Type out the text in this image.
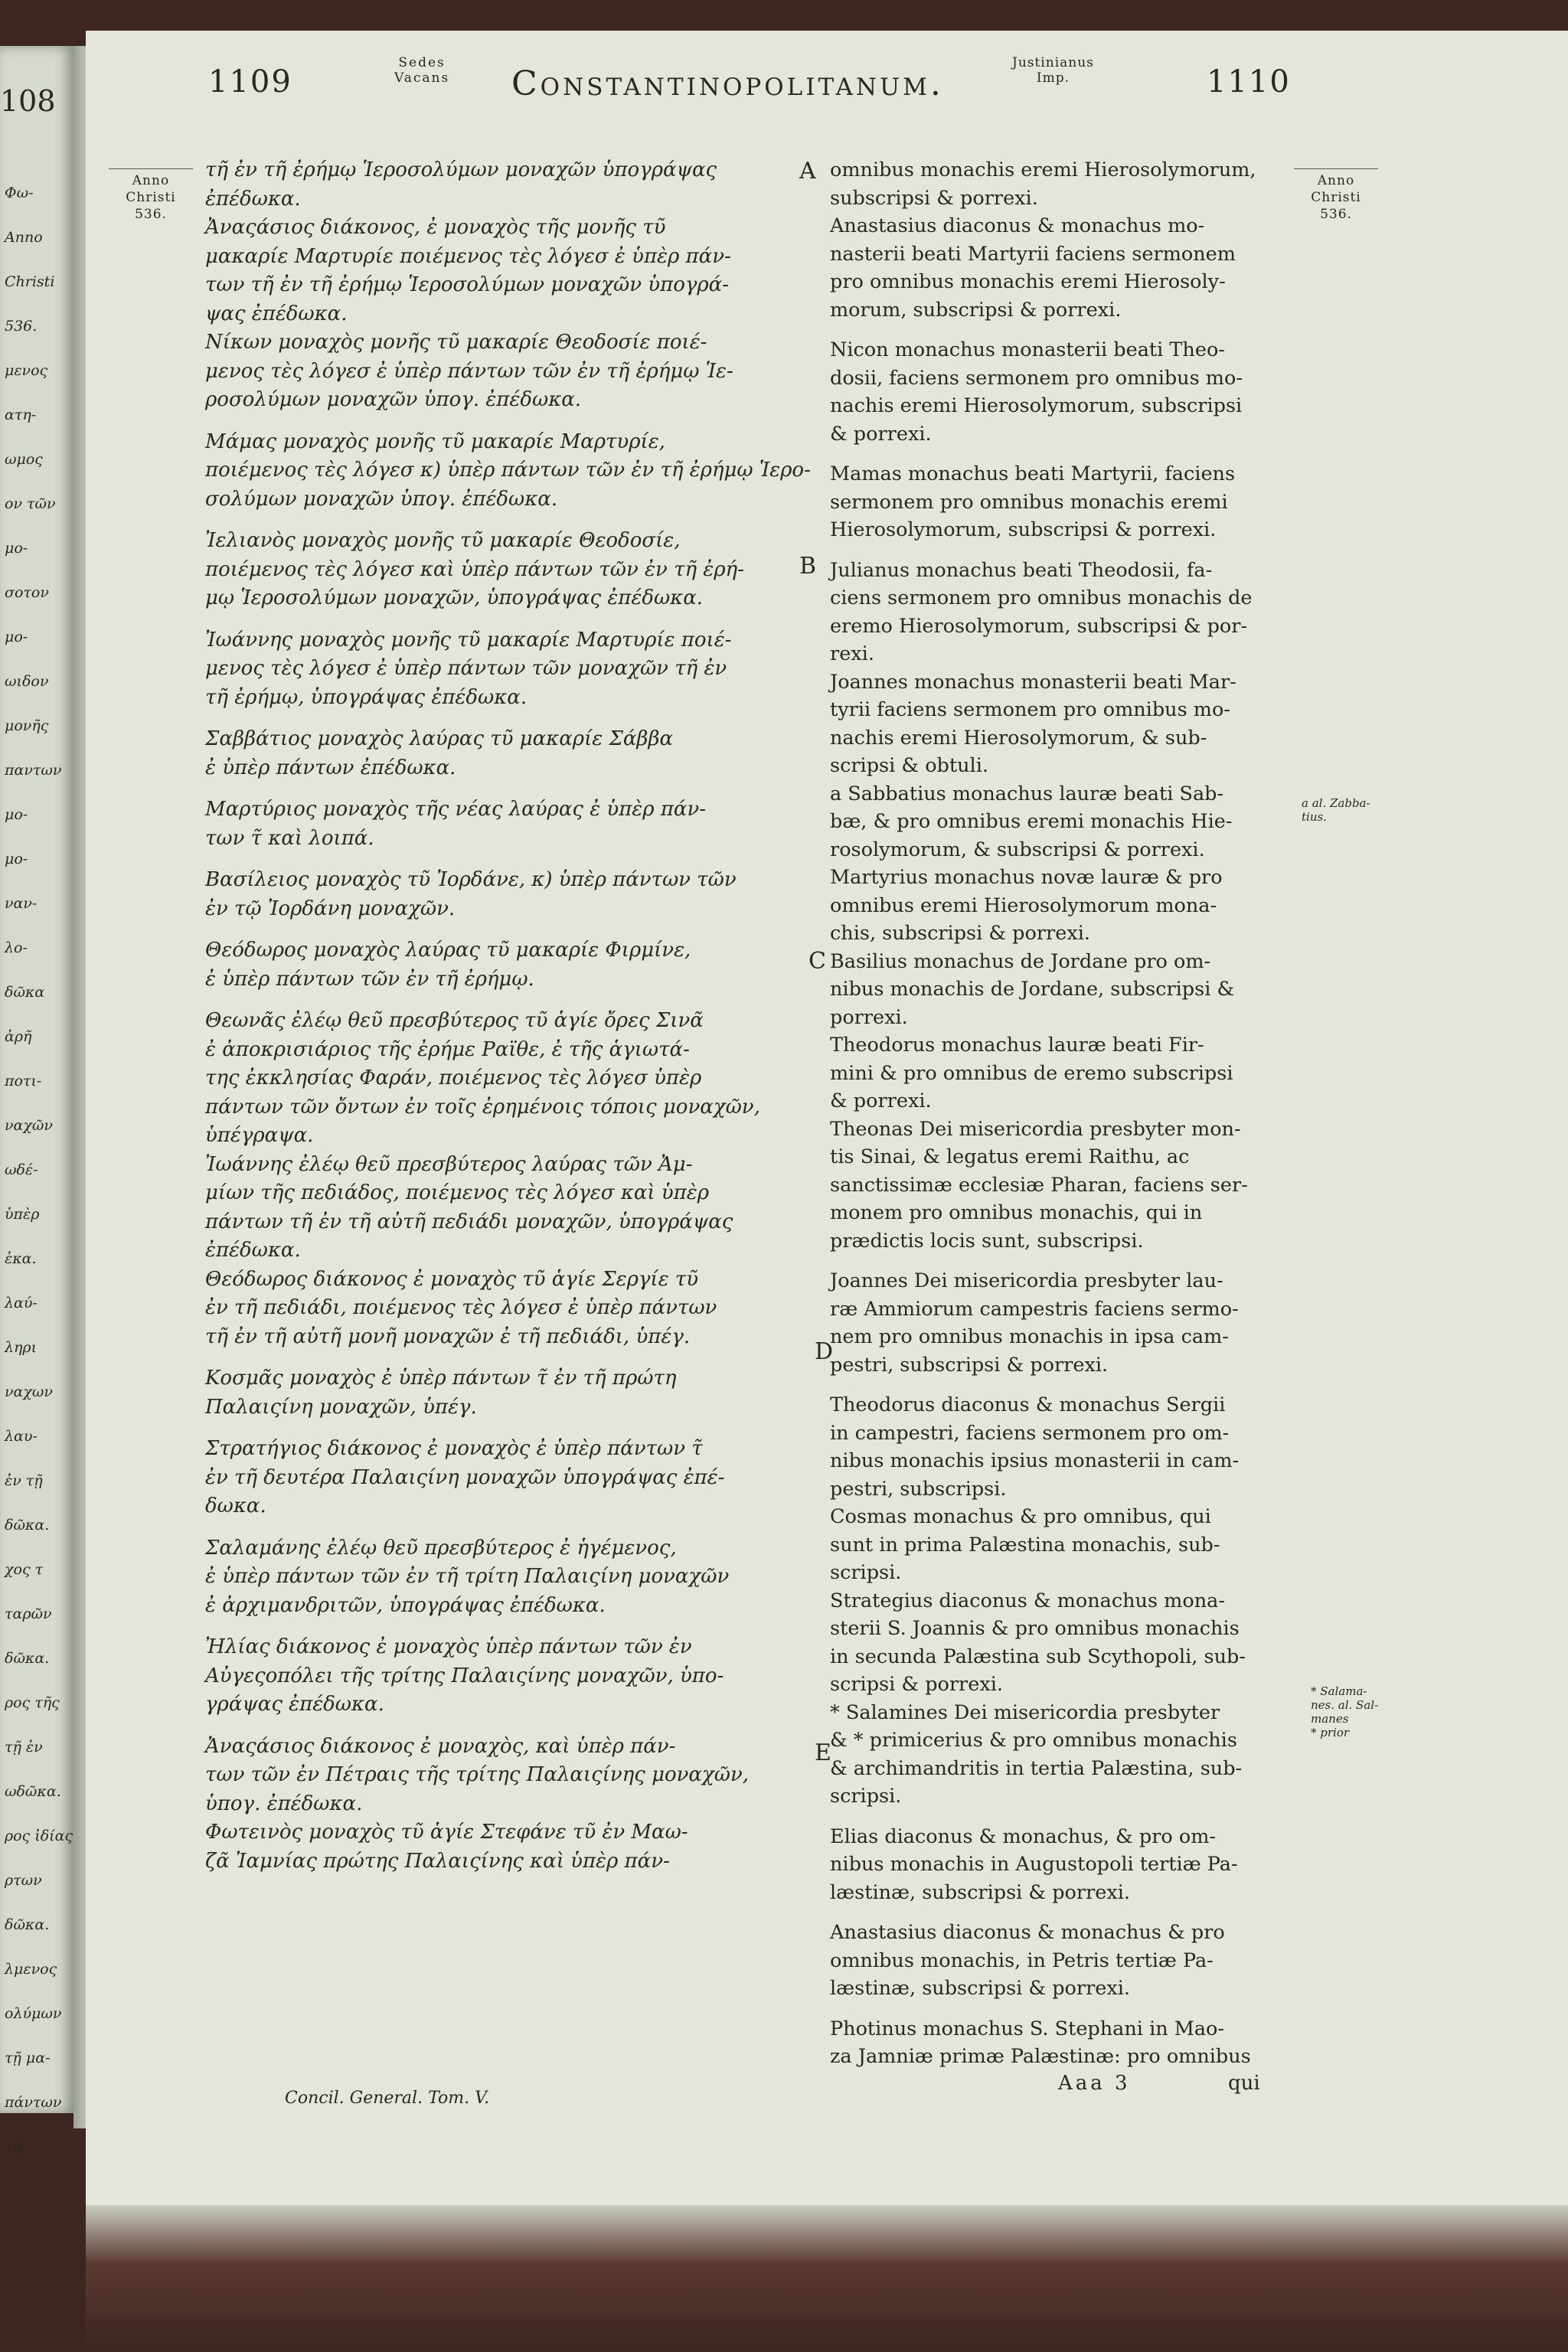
108
Φω-
Anno
Christi
536.
μενος
ατη-
ωμος
ον τῶν
μο-
σοτον
μο-
ωιδον
μονῆς
παντων
μο-
μο-
ναν-
λο-
δῶκα
ἀρῆ
ποτι-
ναχῶν
ωδέ-
ὑπὲρ
ἐκα.
λαύ-
ληρι
ναχων
λαυ-
ἐν τῇ
δῶκα.
χος τ
ταρῶν
δῶκα.
ρος τῆς
τῇ ἐν
ωδῶκα.
ρος ἰδίας
ρτων
δῶκα.
λμενος
ολύμων
τῇ μα-
πάντων
τῆ
1109
Sedes
Vacans Constantinopolitanum.
Justinianus
Imp.	1110
Anno
Christi
536.
Anno
Christi
536.
τῆ ἐν τῆ ἐρήμῳ Ἱεροσολύμων μοναχῶν ὑπογράψας
ἐπέδωκα.
Ἀναςάσιος διάκονος, ἐ μοναχὸς τῆς μονῆς τῦ
μακαρίε Μαρτυρίε ποιέμενος τὲς λόγεσ ἐ ὑπὲρ πάν-
των τῆ ἐν τῆ ἐρήμῳ Ἱεροσολύμων μοναχῶν ὑπογρά-
ψας ἐπέδωκα.
Νίκων μοναχὸς μονῆς τῦ μακαρίε Θεοδοσίε ποιέ-
μενος τὲς λόγεσ ἐ ὑπὲρ πάντων τῶν ἐν τῆ ἐρήμῳ Ἱε-
ροσολύμων μοναχῶν ὑπογ. ἐπέδωκα.
Μάμας μοναχὸς μονῆς τῦ μακαρίε Μαρτυρίε,
ποιέμενος τὲς λόγεσ κ) ὑπὲρ πάντων τῶν ἐν τῆ ἐρήμῳ Ἱερο-
σολύμων μοναχῶν ὑπογ. ἐπέδωκα.
Ἰελιανὸς μοναχὸς μονῆς τῦ μακαρίε Θεοδοσίε,
ποιέμενος τὲς λόγεσ καὶ ὑπὲρ πάντων τῶν ἐν τῆ ἐρή-
μῳ Ἱεροσολύμων μοναχῶν, ὑπογράψας ἐπέδωκα.
Ἰωάννης μοναχὸς μονῆς τῦ μακαρίε Μαρτυρίε ποιέ-
μενος τὲς λόγεσ ἐ ὑπὲρ πάντων τῶν μοναχῶν τῆ ἐν
τῆ ἐρήμῳ, ὑπογράψας ἐπέδωκα.
Σαββάτιος μοναχὸς λαύρας τῦ μακαρίε Σάββα
ἐ ὑπὲρ πάντων ἐπέδωκα.
Μαρτύριος μοναχὸς τῆς νέας λαύρας ἐ ὑπὲρ πάν-
των τ̃ καὶ λοιπά.
Βασίλειος μοναχὸς τῦ Ἰορδάνε, κ) ὑπὲρ πάντων τῶν
ἐν τῷ Ἰορδάνη μοναχῶν.
Θεόδωρος μοναχὸς λαύρας τῦ μακαρίε Φιρμίνε,
ἐ ὑπὲρ πάντων τῶν ἐν τῆ ἐρήμῳ.
Θεωνᾶς ἐλέῳ θεῦ πρεσβύτερος τῦ ἁγίε ὄρες Σινᾶ
ἐ ἀποκρισιάριος τῆς ἐρήμε Ραϊθε, ἐ τῆς ἁγιωτά-
της ἐκκλησίας Φαράν, ποιέμενος τὲς λόγεσ ὑπὲρ
πάντων τῶν ὄντων ἐν τοῖς ἐρημένοις τόποις μοναχῶν,
ὑπέγραψα.
Ἰωάννης ἐλέῳ θεῦ πρεσβύτερος λαύρας τῶν Ἀμ-
μίων τῆς πεδιάδος, ποιέμενος τὲς λόγεσ καὶ ὑπὲρ
πάντων τῆ ἐν τῆ αὐτῆ πεδιάδι μοναχῶν, ὑπογράψας
ἐπέδωκα.
Θεόδωρος διάκονος ἐ μοναχὸς τῦ ἁγίε Σεργίε τῦ
ἐν τῆ πεδιάδι, ποιέμενος τὲς λόγεσ ἐ ὑπὲρ πάντων
τῆ ἐν τῆ αὐτῆ μονῆ μοναχῶν ἐ τῆ πεδιάδι, ὑπέγ.
Κοσμᾶς μοναχὸς ἐ ὑπὲρ πάντων τ̃ ἐν τῆ πρώτη
Παλαιςίνη μοναχῶν, ὑπέγ.
Στρατήγιος διάκονος ἐ μοναχὸς ἐ ὑπὲρ πάντων τ̃
ἐν τῆ δευτέρα Παλαιςίνη μοναχῶν ὑπογράψας ἐπέ-
δωκα.
Σαλαμάνης ἐλέῳ θεῦ πρεσβύτερος ἐ ἡγέμενος,
ἐ ὑπὲρ πάντων τῶν ἐν τῆ τρίτη Παλαιςίνη μοναχῶν
ἐ ἀρχιμανδριτῶν, ὑπογράψας ἐπέδωκα.
Ἠλίας διάκονος ἐ μοναχὸς ὑπὲρ πάντων τῶν ἐν
Αὐγεςοπόλει τῆς τρίτης Παλαιςίνης μοναχῶν, ὑπο-
γράψας ἐπέδωκα.
Ἀναςάσιος διάκονος ἐ μοναχὸς, καὶ ὑπὲρ πάν-
των τῶν ἐν Πέτραις τῆς τρίτης Παλαιςίνης μοναχῶν,
ὑπογ. ἐπέδωκα.
Φωτεινὸς μοναχὸς τῦ ἁγίε Στεφάνε τῦ ἐν Μαω-
ζᾶ Ἰαμνίας πρώτης Παλαιςίνης καὶ ὑπὲρ πάν-
omnibus monachis eremi Hierosolymorum,
subscripsi & porrexi.
Anastasius diaconus & monachus mo-
nasterii beati Martyrii faciens sermonem
pro omnibus monachis eremi Hierosoly-
morum, subscripsi & porrexi.
Nicon monachus monasterii beati Theo-
dosii, faciens sermonem pro omnibus mo-
nachis eremi Hierosolymorum, subscripsi
& porrexi.
Mamas monachus beati Martyrii, faciens
sermonem pro omnibus monachis eremi
Hierosolymorum, subscripsi & porrexi.
Julianus monachus beati Theodosii, fa-
ciens sermonem pro omnibus monachis de
eremo Hierosolymorum, subscripsi & por-
rexi.
Joannes monachus monasterii beati Mar-
tyrii faciens sermonem pro omnibus mo-
nachis eremi Hierosolymorum, & sub-
scripsi & obtuli.
a Sabbatius monachus lauræ beati Sab-
bæ, & pro omnibus eremi monachis Hie-
rosolymorum, & subscripsi & porrexi.
Martyrius monachus novæ lauræ & pro
omnibus eremi Hierosolymorum mona-
chis, subscripsi & porrexi.
Basilius monachus de Jordane pro om-
nibus monachis de Jordane, subscripsi &
porrexi.
Theodorus monachus lauræ beati Fir-
mini & pro omnibus de eremo subscripsi
& porrexi.
Theonas Dei misericordia presbyter mon-
tis Sinai, & legatus eremi Raithu, ac
sanctissimæ ecclesiæ Pharan, faciens ser-
monem pro omnibus monachis, qui in
prædictis locis sunt, subscripsi.
Joannes Dei misericordia presbyter lau-
ræ Ammiorum campestris faciens sermo-
nem pro omnibus monachis in ipsa cam-
pestri, subscripsi & porrexi.
Theodorus diaconus & monachus Sergii
in campestri, faciens sermonem pro om-
nibus monachis ipsius monasterii in cam-
pestri, subscripsi.
Cosmas monachus & pro omnibus, qui
sunt in prima Palæstina monachis, sub-
scripsi.
Strategius diaconus & monachus mona-
sterii S. Joannis & pro omnibus monachis
in secunda Palæstina sub Scythopoli, sub-
scripsi & porrexi.
* Salamines Dei misericordia presbyter
& * primicerius & pro omnibus monachis
& archimandritis in tertia Palæstina, sub-
scripsi.
Elias diaconus & monachus, & pro om-
nibus monachis in Augustopoli tertiæ Pa-
læstinæ, subscripsi & porrexi.
Anastasius diaconus & monachus & pro
omnibus monachis, in Petris tertiæ Pa-
læstinæ, subscripsi & porrexi.
Photinus monachus S. Stephani in Mao-
za Jamniæ primæ Palæstinæ: pro omnibus
A
B
C
D
E
a al. Zabba-
tius.
* Salama-
nes. al. Sal-
manes
* prior
Concil. General. Tom. V.
Aaa 3	qui
